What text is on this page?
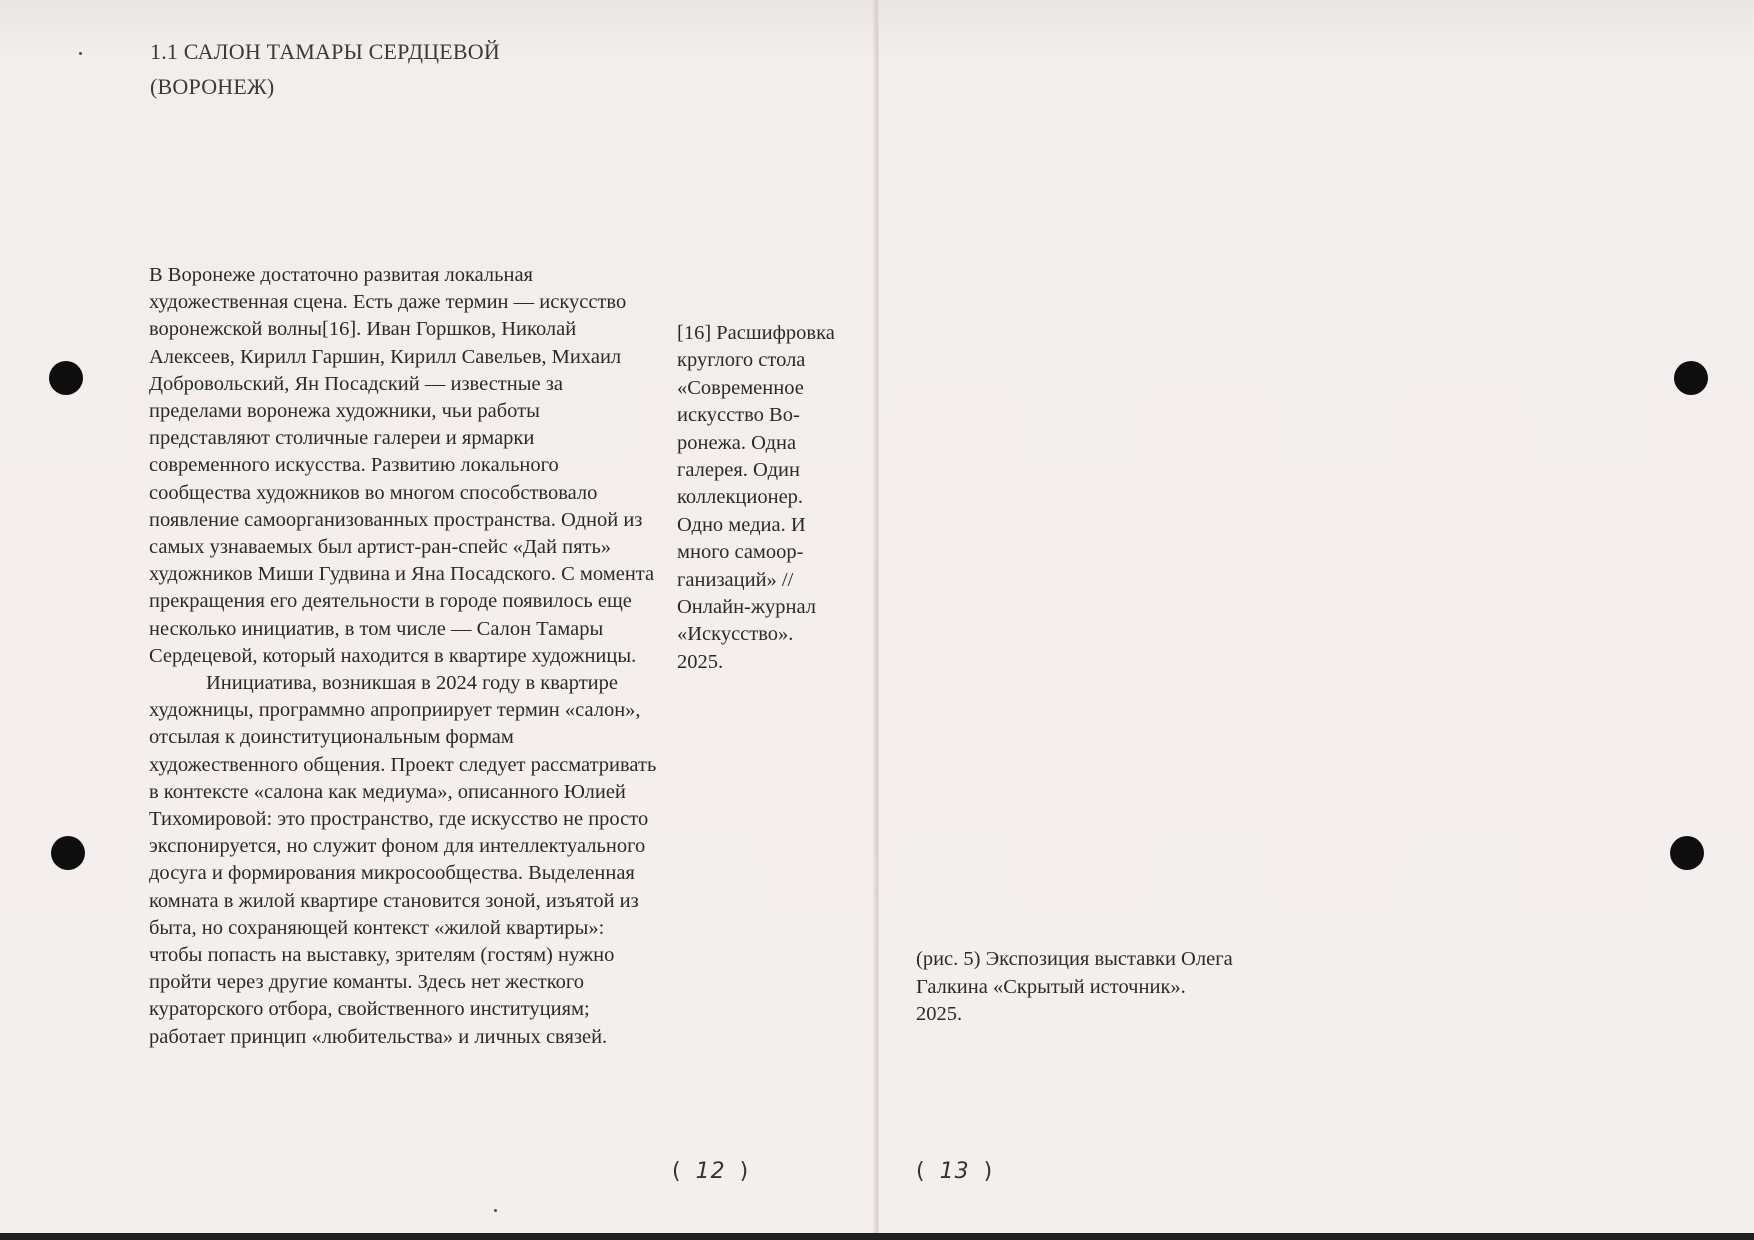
1.1 САЛОН ТАМАРЫ СЕРДЦЕВОЙ
(ВОРОНЕЖ)

В Воронеже достаточно развитая локальная художественная сцена. Есть даже термин — искусство воронежской волны[16]. Иван Горшков, Николай Алексеев, Кирилл Гаршин, Кирилл Савельев, Михаил Добровольский, Ян Посадский — известные за пределами воронежа художники, чьи работы представляют столичные галереи и ярмарки современного искусства. Развитию локального сообщества художников во многом способствовало появление самоорганизованных пространства. Одной из самых узнаваемых был артист-ран-спейс «Дай пять» художников Миши Гудвина и Яна Посадского. С момента прекращения его деятельности в городе появилось еще несколько инициатив, в том числе — Салон Тамары Сердецевой, который находится в квартире художницы.

Инициатива, возникшая в 2024 году в квартире художницы, программно апроприирует термин «салон», отсылая к доинституциональным формам художественного общения. Проект следует рассматривать в контексте «салона как медиума», описанного Юлией Тихомировой: это пространство, где искусство не просто экспонируется, но служит фоном для интеллектуального досуга и формирования микросообщества. Выделенная комната в жилой квартире становится зоной, изъятой из быта, но сохраняющей контекст «жилой квартиры»: чтобы попасть на выставку, зрителям (гостям) нужно пройти через другие команты. Здесь нет жесткого кураторского отбора, свойственного институциям; работает принцип «любительства» и личных связей.

[16] Расшифровка круглого стола «Современное искусство Воронежа. Одна галерея. Один коллекционер. Одно медиа. И много самоорганизаций» // Онлайн-журнал «Искусство». 2025.

( 12 )

(рис. 5) Экспозиция выставки Олега Галкина «Скрытый источник». 2025.

( 13 )
